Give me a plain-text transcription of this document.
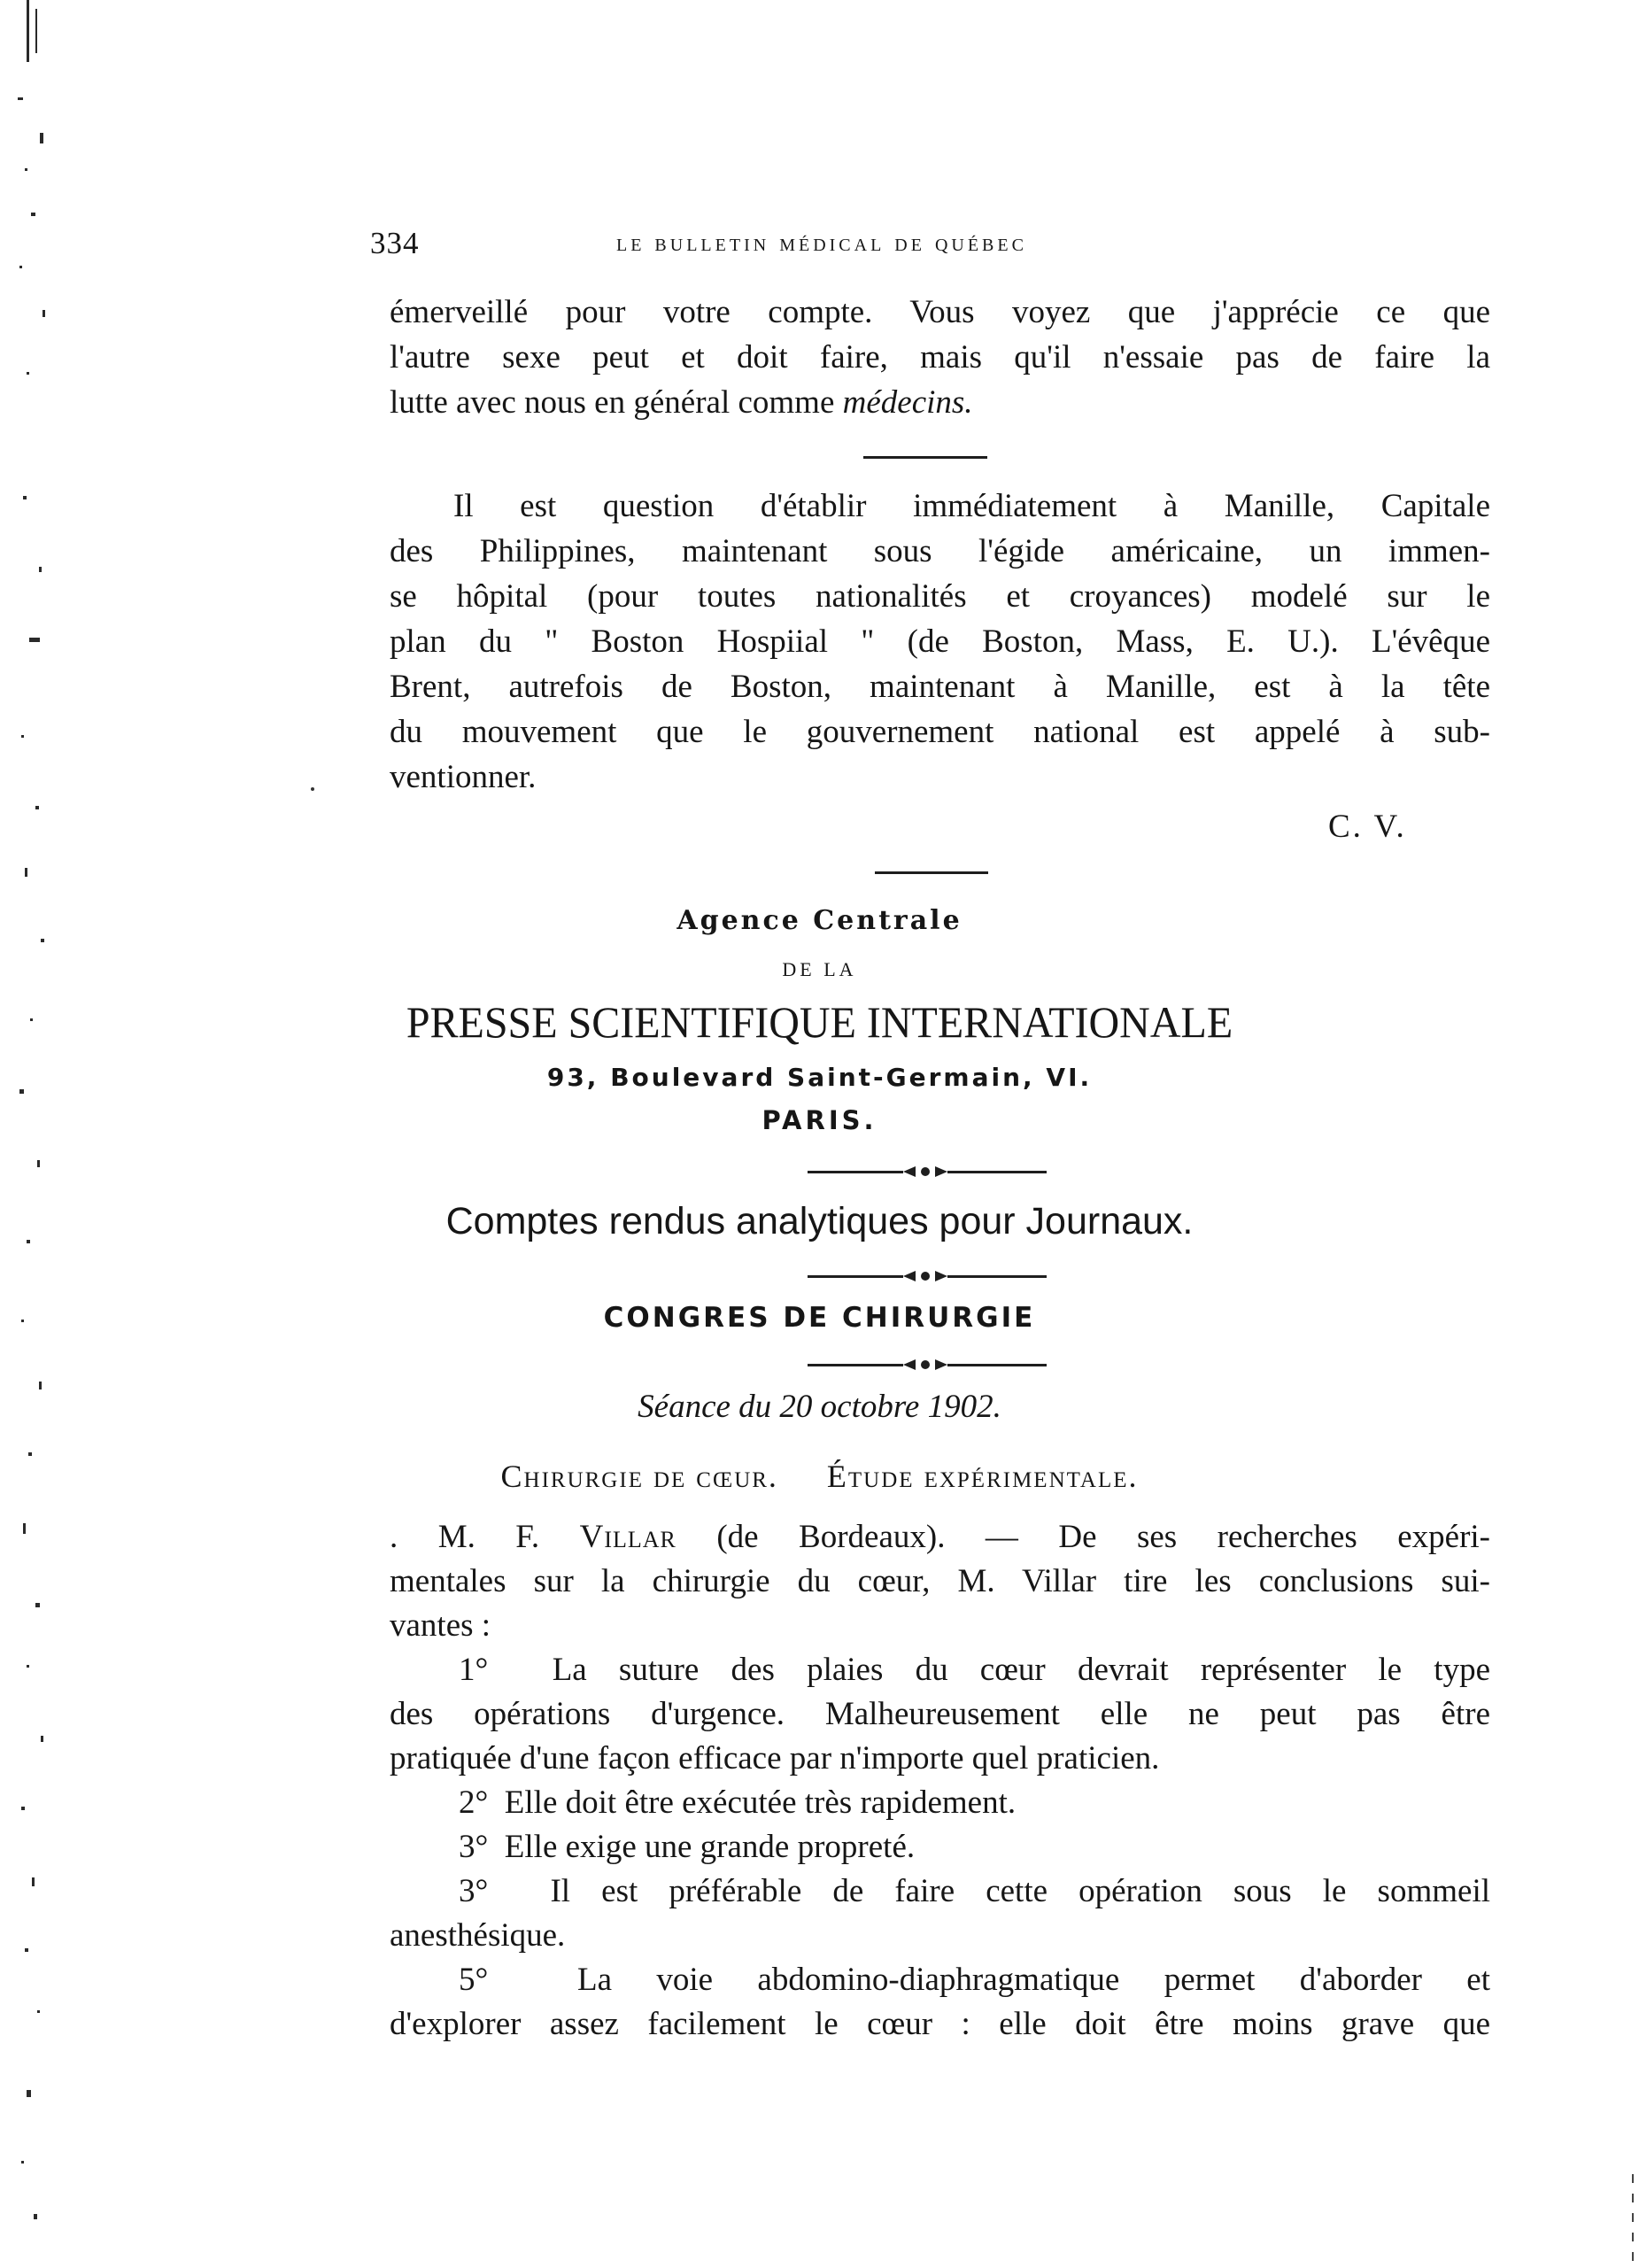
334	le bulletin médical de québec

émerveillé pour votre compte. Vous voyez que j'apprécie ce que
l'autre sexe peut et doit faire, mais qu'il n'essaie pas de faire la
lutte avec nous en général comme médecins.

Il est question d'établir immédiatement à Manille, Capitale
des Philippines, maintenant sous l'égide américaine, un immen-
se hôpital (pour toutes nationalités et croyances) modelé sur le
plan du " Boston Hospiial " (de Boston, Mass, E. U.). L'évêque
Brent, autrefois de Boston, maintenant à Manille, est à la tête
du mouvement que le gouvernement national est appelé à sub-
ventionner.

C. V.
Agence Centrale
DE LA
PRESSE SCIENTIFIQUE INTERNATIONALE
93, Boulevard Saint-Germain, VI.
PARIS.
Comptes rendus analytiques pour Journaux.
CONGRES DE CHIRURGIE
Séance du 20 octobre 1902.
Chirurgie de cœur. Étude expérimentale.
. M. F. Villar (de Bordeaux). — De ses recherches expéri-
mentales sur la chirurgie du cœur, M. Villar tire les conclusions sui-
vantes :
1° La suture des plaies du cœur devrait représenter le type
des opérations d'urgence. Malheureusement elle ne peut pas être
pratiquée d'une façon efficace par n'importe quel praticien.
2° Elle doit être exécutée très rapidement.
3° Elle exige une grande propreté.
3° Il est préférable de faire cette opération sous le sommeil
anesthésique.
5°	La voie abdomino-diaphragmatique permet d'aborder et
d'explorer assez facilement le cœur : elle doit être moins grave que
